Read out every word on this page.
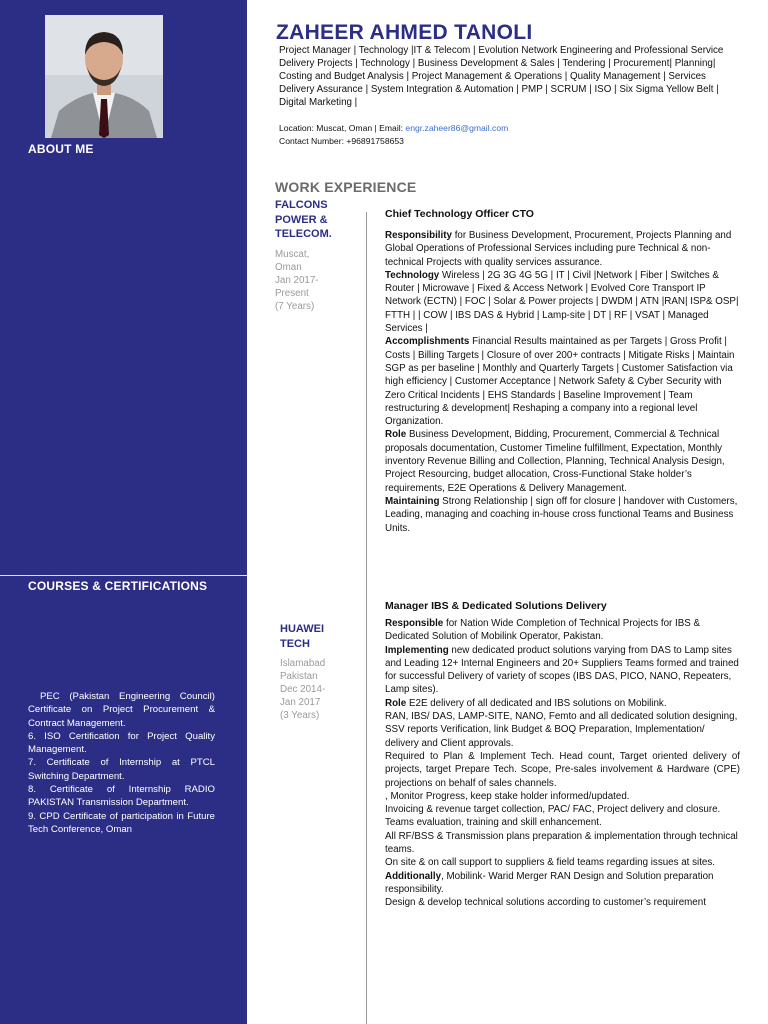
ABOUT ME
COURSES & CERTIFICATIONS

PEC (Pakistan Engineering Council) Certificate on Project Procurement & Contract Management.

6. ISO Certification for Project Quality Management.

7. Certificate of Internship at PTCL Switching Department.

8. Certificate of Internship RADIO PAKISTAN Transmission Department.

9. CPD Certificate of participation in Future Tech Conference, Oman

ZAHEER AHMED TANOLI
Project Manager | Technology |IT & Telecom | Evolution Network Engineering and Professional Service Delivery Projects | Technology | Business Development & Sales | Tendering | Procurement| Planning| Costing and Budget Analysis | Project Management & Operations | Quality Management | Services Delivery Assurance | System Integration & Automation | PMP | SCRUM | ISO | Six Sigma Yellow Belt | Digital Marketing |
Location: Muscat, Oman | Email: engr.zaheer86@gmail.com
Contact Number: +96891758653
WORK EXPERIENCE
FALCONS
POWER &
TELECOM.
Muscat,
Oman
Jan 2017-
Present
(7 Years)
Chief Technology Officer CTO

Responsibility for Business Development, Procurement, Projects Planning and Global Operations of Professional Services including pure Technical & non-technical Projects with quality services assurance.

Technology Wireless | 2G 3G 4G 5G | IT | Civil |Network | Fiber | Switches & Router | Microwave | Fixed & Access Network | Evolved Core Transport IP Network (ECTN) | FOC | Solar & Power projects | DWDM | ATN |RAN| ISP& OSP| FTTH | | COW | IBS DAS & Hybrid | Lamp-site | DT | RF | VSAT | Managed Services |

Accomplishments Financial Results maintained as per Targets | Gross Profit | Costs | Billing Targets | Closure of over 200+ contracts | Mitigate Risks | Maintain SGP as per baseline | Monthly and Quarterly Targets | Customer Satisfaction via high efficiency | Customer Acceptance | Network Safety & Cyber Security with Zero Critical Incidents | EHS Standards | Baseline Improvement | Team restructuring & development| Reshaping a company into a regional level Organization.

Role Business Development, Bidding, Procurement, Commercial & Technical proposals documentation, Customer Timeline fulfillment, Expectation, Monthly inventory Revenue Billing and Collection, Planning, Technical Analysis Design, Project Resourcing, budget allocation, Cross-Functional Stake holder’s requirements, E2E Operations & Delivery Management.

Maintaining Strong Relationship | sign off for closure | handover with Customers, Leading, managing and coaching in-house cross functional Teams and Business Units.

HUAWEI
TECH
Islamabad
Pakistan
Dec 2014-
Jan 2017
(3 Years)
Manager IBS & Dedicated Solutions Delivery

Responsible for Nation Wide Completion of Technical Projects for IBS & Dedicated Solution of Mobilink Operator, Pakistan.

Implementing new dedicated product solutions varying from DAS to Lamp sites and Leading 12+ Internal Engineers and 20+ Suppliers Teams formed and trained for successful Delivery of variety of scopes (IBS DAS, PICO, NANO, Repeaters, Lamp sites).

Role E2E delivery of all dedicated and IBS solutions on Mobilink.

RAN, IBS/ DAS, LAMP-SITE, NANO, Femto and all dedicated solution designing, SSV reports Verification, link Budget & BOQ Preparation, Implementation/ delivery and Client approvals.

Required to Plan & Implement Tech. Head count, Target oriented delivery of projects, target Prepare Tech. Scope, Pre-sales involvement & Hardware (CPE) projections on behalf of sales channels.

, Monitor Progress, keep stake holder informed/updated.

Invoicing & revenue target collection, PAC/ FAC, Project delivery and closure.

Teams evaluation, training and skill enhancement.

All RF/BSS & Transmission plans preparation & implementation through technical teams.

On site & on call support to suppliers & field teams regarding issues at sites.

Additionally, Mobilink- Warid Merger RAN Design and Solution preparation responsibility.

Design & develop technical solutions according to customer’s requirement
